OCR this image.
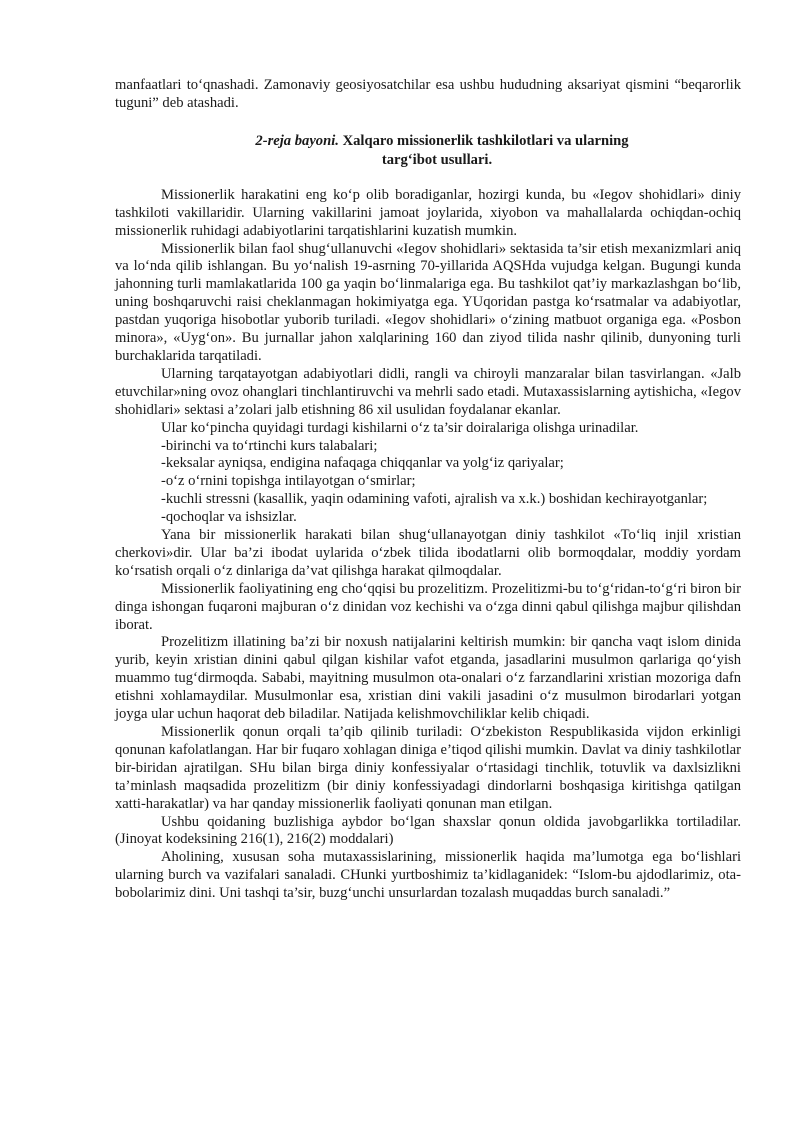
manfaatlari to‘qnashadi. Zamonaviy geosiyosatchilar esa ushbu hududning aksariyat qismini “beqarorlik tuguni” deb atashadi.

2-reja bayoni. Xalqaro missionerlik tashkilotlari va ularning
targ‘ibot usullari.

Missionerlik harakatini eng ko‘p olib boradiganlar, hozirgi kunda, bu «Iegov shohidlari» diniy tashkiloti vakillaridir. Ularning vakillarini jamoat joylarida, xiyobon va mahallalarda ochiqdan-ochiq missionerlik ruhidagi adabiyotlarini tarqatishlarini kuzatish mumkin.

Missionerlik bilan faol shug‘ullanuvchi «Iegov shohidlari» sektasida ta’sir etish mexanizmlari aniq va lo‘nda qilib ishlangan. Bu yo‘nalish 19-asrning 70-yillarida AQSHda vujudga kelgan. Bugungi kunda jahonning turli mamlakatlarida 100 ga yaqin bo‘linmalariga ega. Bu tashkilot qat’iy markazlashgan bo‘lib, uning boshqaruvchi raisi cheklanmagan hokimiyatga ega. YUqoridan pastga ko‘rsatmalar va adabiyotlar, pastdan yuqoriga hisobotlar yuborib turiladi. «Iegov shohidlari» o‘zining matbuot organiga ega. «Posbon minora», «Uyg‘on». Bu jurnallar jahon xalqlarining 160 dan ziyod tilida nashr qilinib, dunyoning turli burchaklarida tarqatiladi.

Ularning tarqatayotgan adabiyotlari didli, rangli va chiroyli manzaralar bilan tasvirlangan. «Jalb etuvchilar»ning ovoz ohanglari tinchlantiruvchi va mehrli sado etadi. Mutaxassislarning aytishicha, «Iegov shohidlari» sektasi a’zolari jalb etishning 86 xil usulidan foydalanar ekanlar.

Ular ko‘pincha quyidagi turdagi kishilarni o‘z ta’sir doiralariga olishga urinadilar.

-birinchi va to‘rtinchi kurs talabalari;

-keksalar ayniqsa, endigina nafaqaga chiqqanlar va yolg‘iz qariyalar;

-o‘z o‘rnini topishga intilayotgan o‘smirlar;

-kuchli stressni (kasallik, yaqin odamining vafoti, ajralish va x.k.) boshidan kechirayotganlar;

-qochoqlar va ishsizlar.

Yana bir missionerlik harakati bilan shug‘ullanayotgan diniy tashkilot «To‘liq injil xristian cherkovi»dir. Ular ba’zi ibodat uylarida o‘zbek tilida ibodatlarni olib bormoqdalar, moddiy yordam ko‘rsatish orqali o‘z dinlariga da’vat qilishga harakat qilmoqdalar.

Missionerlik faoliyatining eng cho‘qqisi bu prozelitizm. Prozelitizmi-bu to‘g‘ridan-to‘g‘ri biron bir dinga ishongan fuqaroni majburan o‘z dinidan voz kechishi va o‘zga dinni qabul qilishga majbur qilishdan iborat.

Prozelitizm illatining ba’zi bir noxush natijalarini keltirish mumkin: bir qancha vaqt islom dinida yurib, keyin xristian dinini qabul qilgan kishilar vafot etganda, jasadlarini musulmon qarlariga qo‘yish muammo tug‘dirmoqda. Sababi, mayitning musulmon ota-onalari o‘z farzandlarini xristian mozoriga dafn etishni xohlamaydilar. Musulmonlar esa, xristian dini vakili jasadini o‘z musulmon birodarlari yotgan joyga ular uchun haqorat deb biladilar. Natijada kelishmovchiliklar kelib chiqadi.

Missionerlik qonun orqali ta’qib qilinib turiladi: O‘zbekiston Respublikasida vijdon erkinligi qonunan kafolatlangan. Har bir fuqaro xohlagan diniga e’tiqod qilishi mumkin. Davlat va diniy tashkilotlar bir-biridan ajratilgan. SHu bilan birga diniy konfessiyalar o‘rtasidagi tinchlik, totuvlik va daxlsizlikni ta’minlash maqsadida prozelitizm (bir diniy konfessiyadagi dindorlarni boshqasiga kiritishga qatilgan xatti-harakatlar) va har qanday missionerlik faoliyati qonunan man etilgan.

Ushbu qoidaning buzlishiga aybdor bo‘lgan shaxslar qonun oldida javobgarlikka tortiladilar.(Jinoyat kodeksining 216(1), 216(2) moddalari)

Aholining, xususan soha mutaxassislarining, missionerlik haqida ma’lumotga ega bo‘lishlari ularning burch va vazifalari sanaladi. CHunki yurtboshimiz ta’kidlaganidek: “Islom-bu ajdodlarimiz, ota-bobolarimiz dini. Uni tashqi ta’sir, buzg‘unchi unsurlardan tozalash muqaddas burch sanaladi.”
